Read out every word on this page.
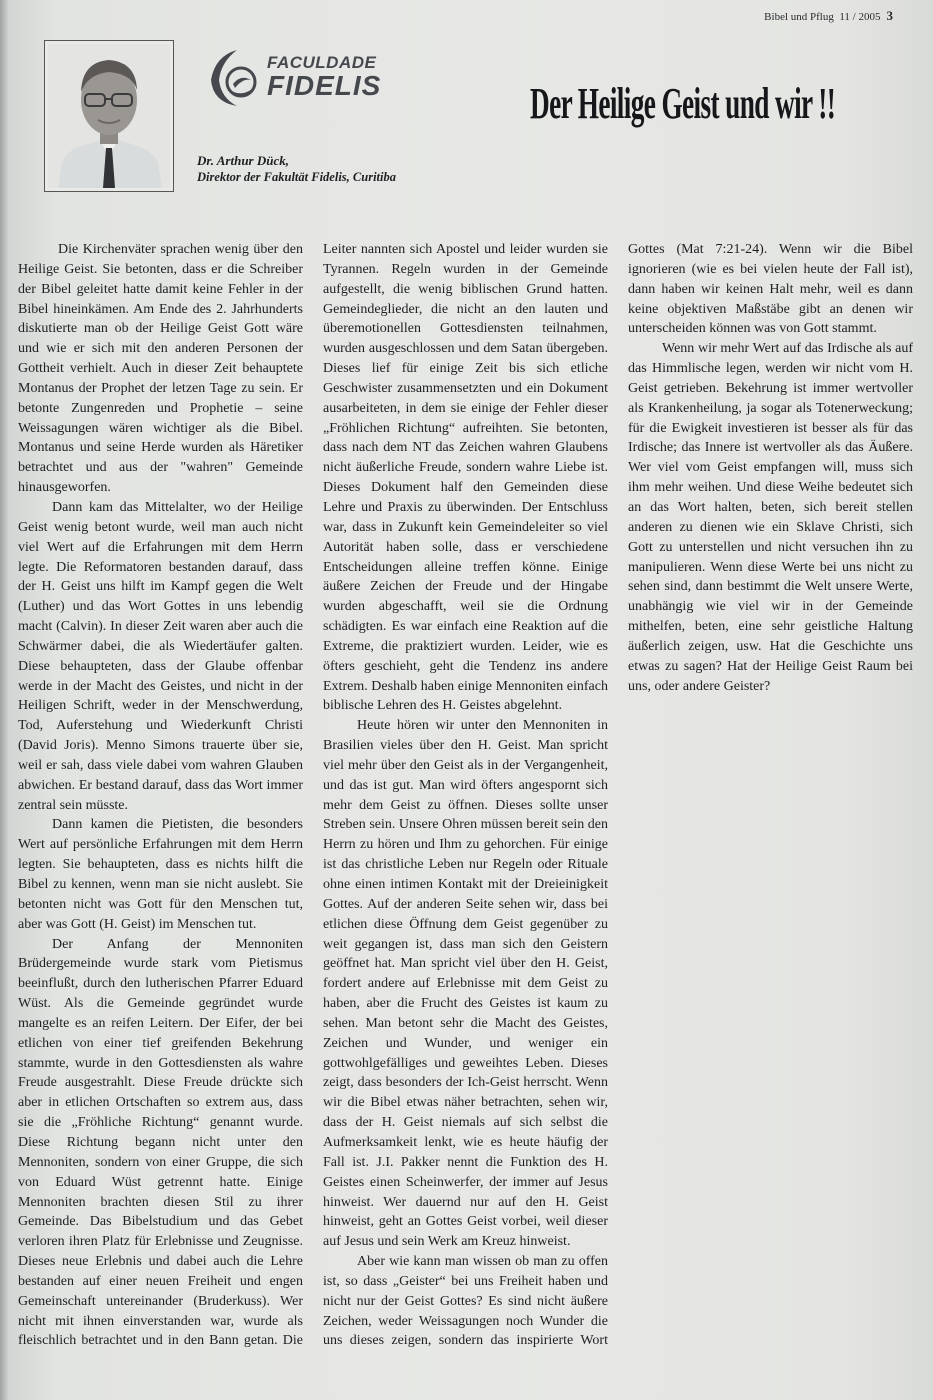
Bibel und Pflug 11 / 2005 3
FACULDADE
FIDELIS
Dr. Arthur Dück,
Direktor der Fakultät Fidelis, Curitiba
Der Heilige Geist und wir !!

Die Kirchenväter sprachen wenig über den Heilige Geist. Sie betonten, dass er die Schreiber der Bibel geleitet hatte damit keine Fehler in der Bibel hineinkämen. Am Ende des 2. Jahrhunderts diskutierte man ob der Heilige Geist Gott wäre und wie er sich mit den anderen Personen der Gottheit verhielt. Auch in dieser Zeit behauptete Montanus der Prophet der letzen Tage zu sein. Er betonte Zungenreden und Prophetie – seine Weissagungen wären wichtiger als die Bibel. Montanus und seine Herde wurden als Häretiker betrachtet und aus der "wahren" Gemeinde hinausgeworfen.

Dann kam das Mittelalter, wo der Heilige Geist wenig betont wurde, weil man auch nicht viel Wert auf die Erfahrungen mit dem Herrn legte. Die Reformatoren bestanden darauf, dass der H. Geist uns hilft im Kampf gegen die Welt (Luther) und das Wort Gottes in uns lebendig macht (Calvin). In dieser Zeit waren aber auch die Schwärmer dabei, die als Wiedertäufer galten. Diese behaupteten, dass der Glaube offenbar werde in der Macht des Geistes, und nicht in der Heiligen Schrift, weder in der Menschwerdung, Tod, Auferstehung und Wiederkunft Christi (David Joris). Menno Simons trauerte über sie, weil er sah, dass viele dabei vom wahren Glauben abwichen. Er bestand darauf, dass das Wort immer zentral sein müsste.

Dann kamen die Pietisten, die besonders Wert auf persönliche Erfahrungen mit dem Herrn legten. Sie behaupteten, dass es nichts hilft die Bibel zu kennen, wenn man sie nicht auslebt. Sie betonten nicht was Gott für den Menschen tut, aber was Gott (H. Geist) im Menschen tut.

Der Anfang der Mennoniten Brüdergemeinde wurde stark vom Pietismus beeinflußt, durch den lutherischen Pfarrer Eduard Wüst. Als die Gemeinde gegründet wurde mangelte es an reifen Leitern. Der Eifer, der bei etlichen von einer tief greifenden Bekehrung stammte, wurde in den Gottesdiensten als wahre Freude ausgestrahlt. Diese Freude drückte sich aber in etlichen Ortschaften so extrem aus, dass sie die „Fröhliche Richtung“ genannt wurde. Diese Richtung begann nicht unter den Mennoniten, sondern von einer Gruppe, die sich von Eduard Wüst getrennt hatte. Einige Mennoniten brachten diesen Stil zu ihrer Gemeinde. Das Bibelstudium und das Gebet verloren ihren Platz für Erlebnisse und Zeugnisse. Dieses neue Erlebnis und dabei auch die Lehre bestanden auf einer neuen Freiheit und engen Gemeinschaft untereinander (Bruderkuss). Wer nicht mit ihnen einverstanden war, wurde als fleischlich betrachtet und in den Bann getan. Die Leiter nannten sich Apostel und leider wurden sie Tyrannen. Regeln wurden in der Gemeinde aufgestellt, die wenig biblischen Grund hatten. Gemeindeglieder, die nicht an den lauten und überemotionellen Gottesdiensten teilnahmen, wurden ausgeschlossen und dem Satan übergeben. Dieses lief für einige Zeit bis sich etliche Geschwister zusammensetzten und ein Dokument ausarbeiteten, in dem sie einige der Fehler dieser „Fröhlichen Richtung“ aufreihten. Sie betonten, dass nach dem NT das Zeichen wahren Glaubens nicht äußerliche Freude, sondern wahre Liebe ist. Dieses Dokument half den Gemeinden diese Lehre und Praxis zu überwinden. Der Entschluss war, dass in Zukunft kein Gemeindeleiter so viel Autorität haben solle, dass er verschiedene Entscheidungen alleine treffen könne. Einige äußere Zeichen der Freude und der Hingabe wurden abgeschafft, weil sie die Ordnung schädigten. Es war einfach eine Reaktion auf die Extreme, die praktiziert wurden. Leider, wie es öfters geschieht, geht die Tendenz ins andere Extrem. Deshalb haben einige Mennoniten einfach biblische Lehren des H. Geistes abgelehnt.

Heute hören wir unter den Mennoniten in Brasilien vieles über den H. Geist. Man spricht viel mehr über den Geist als in der Vergangenheit, und das ist gut. Man wird öfters angespornt sich mehr dem Geist zu öffnen. Dieses sollte unser Streben sein. Unsere Ohren müssen bereit sein den Herrn zu hören und Ihm zu gehorchen. Für einige ist das christliche Leben nur Regeln oder Rituale ohne einen intimen Kontakt mit der Dreieinigkeit Gottes. Auf der anderen Seite sehen wir, dass bei etlichen diese Öffnung dem Geist gegenüber zu weit gegangen ist, dass man sich den Geistern geöffnet hat. Man spricht viel über den H. Geist, fordert andere auf Erlebnisse mit dem Geist zu haben, aber die Frucht des Geistes ist kaum zu sehen. Man betont sehr die Macht des Geistes, Zeichen und Wunder, und weniger ein gottwohlgefälliges und geweihtes Leben. Dieses zeigt, dass besonders der Ich-Geist herrscht. Wenn wir die Bibel etwas näher betrachten, sehen wir, dass der H. Geist niemals auf sich selbst die Aufmerksamkeit lenkt, wie es heute häufig der Fall ist. J.I. Pakker nennt die Funktion des H. Geistes einen Scheinwerfer, der immer auf Jesus hinweist. Wer dauernd nur auf den H. Geist hinweist, geht an Gottes Geist vorbei, weil dieser auf Jesus und sein Werk am Kreuz hinweist.

Aber wie kann man wissen ob man zu offen ist, so dass „Geister“ bei uns Freiheit haben und nicht nur der Geist Gottes? Es sind nicht äußere Zeichen, weder Weissagungen noch Wunder die uns dieses zeigen, sondern das inspirierte Wort Gottes (Mat 7:21-24). Wenn wir die Bibel ignorieren (wie es bei vielen heute der Fall ist), dann haben wir keinen Halt mehr, weil es dann keine objektiven Maßstäbe gibt an denen wir unterscheiden können was von Gott stammt.

Wenn wir mehr Wert auf das Irdische als auf das Himmlische legen, werden wir nicht vom H. Geist getrieben. Bekehrung ist immer wertvoller als Krankenheilung, ja sogar als Totenerweckung; für die Ewigkeit investieren ist besser als für das Irdische; das Innere ist wertvoller als das Äußere. Wer viel vom Geist empfangen will, muss sich ihm mehr weihen. Und diese Weihe bedeutet sich an das Wort halten, beten, sich bereit stellen anderen zu dienen wie ein Sklave Christi, sich Gott zu unterstellen und nicht versuchen ihn zu manipulieren. Wenn diese Werte bei uns nicht zu sehen sind, dann bestimmt die Welt unsere Werte, unabhängig wie viel wir in der Gemeinde mithelfen, beten, eine sehr geistliche Haltung äußerlich zeigen, usw. Hat die Geschichte uns etwas zu sagen? Hat der Heilige Geist Raum bei uns, oder andere Geister?
